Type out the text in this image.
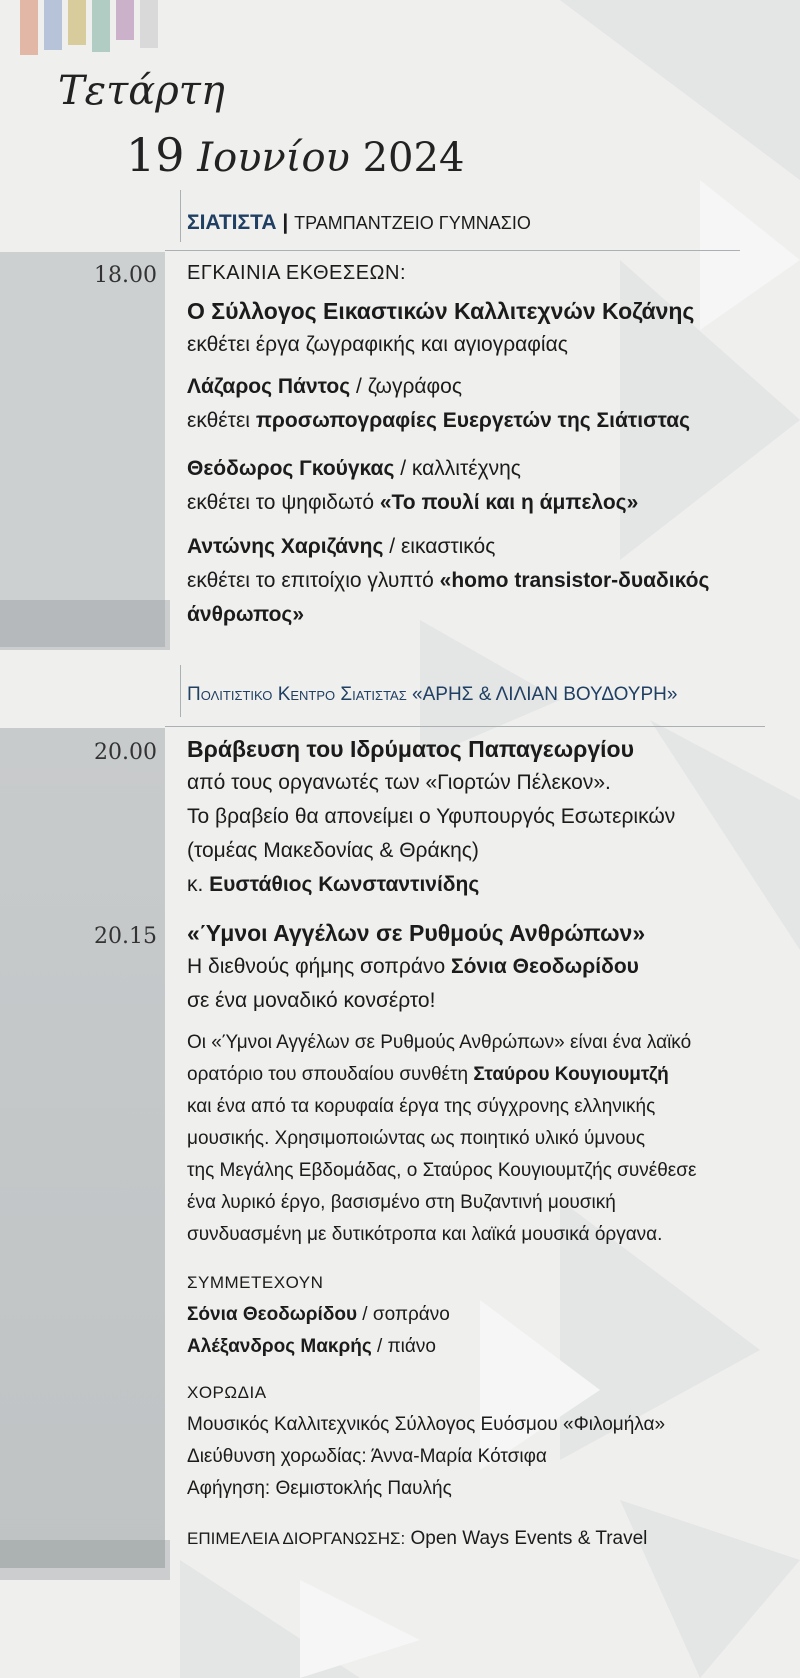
Τετάρτη
19 Ιουνίου 2024
ΣΙΑΤΙΣΤΑ | ΤΡΑΜΠΑΝΤΖΕΙΟ ΓΥΜΝΑΣΙΟ
18.00 ΕΓΚΑΙΝΙΑ ΕΚΘΕΣΕΩΝ:
Ο Σύλλογος Εικαστικών Καλλιτεχνών Κοζάνης
εκθέτει έργα ζωγραφικής και αγιογραφίας
Λάζαρος Πάντος / ζωγράφος
εκθέτει προσωπογραφίες Ευεργετών της Σιάτιστας
Θεόδωρος Γκούγκας / καλλιτέχνης
εκθέτει το ψηφιδωτό «Το πουλί και η άμπελος»
Αντώνης Χαριζάνης / εικαστικός
εκθέτει το επιτοίχιο γλυπτό «homo transistor-δυαδικός
άνθρωπος»
Πολιτιστικο Κεντρο Σιατιστας «ΑΡΗΣ & ΛΙΛΙΑΝ ΒΟΥΔΟΥΡΗ»
20.00 Βράβευση του Ιδρύματος Παπαγεωργίου
από τους οργανωτές των «Γιορτών Πέλεκον».
Το βραβείο θα απονείμει ο Υφυπουργός Εσωτερικών
(τομέας Μακεδονίας & Θράκης)
κ. Ευστάθιος Κωνσταντινίδης
20.15 «Ύμνοι Αγγέλων σε Ρυθμούς Ανθρώπων»
Η διεθνούς φήμης σοπράνο Σόνια Θεοδωρίδου
σε ένα μοναδικό κονσέρτο!
Οι «Ύμνοι Αγγέλων σε Ρυθμούς Ανθρώπων» είναι ένα λαϊκό
ορατόριο του σπουδαίου συνθέτη Σταύρου Κουγιουμτζή
και ένα από τα κορυφαία έργα της σύγχρονης ελληνικής
μουσικής. Χρησιμοποιώντας ως ποιητικό υλικό ύμνους
της Μεγάλης Εβδομάδας, ο Σταύρος Κουγιουμτζής συνέθεσε
ένα λυρικό έργο, βασισμένο στη Βυζαντινή μουσική
συνδυασμένη με δυτικότροπα και λαϊκά μουσικά όργανα.
ΣΥΜΜΕΤΕΧΟΥΝ
Σόνια Θεοδωρίδου / σοπράνο
Αλέξανδρος Μακρής / πιάνο
ΧΟΡΩΔΙΑ
Μουσικός Καλλιτεχνικός Σύλλογος Ευόσμου «Φιλομήλα»
Διεύθυνση χορωδίας: Άννα-Μαρία Κότσιφα
Αφήγηση: Θεμιστοκλής Παυλής
ΕΠΙΜΕΛΕΙΑ ΔΙΟΡΓΑΝΩΣΗΣ: Open Ways Events & Travel
